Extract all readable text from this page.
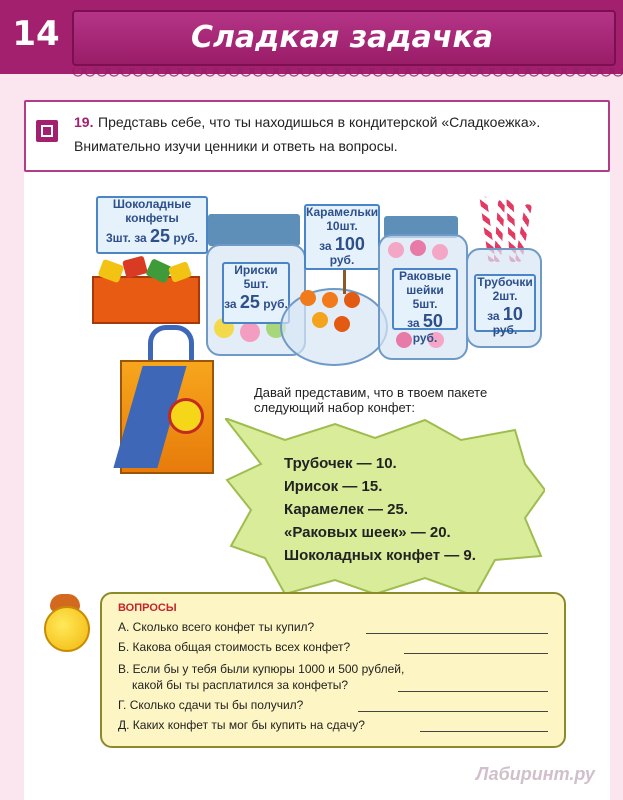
14	Сладкая задачка
19. Представь себе, что ты находишься в кондитерской «Сладкоежка».
Внимательно изучи ценники и ответь на вопросы.
Шоколадные
конфеты
3шт. за 25 руб.
Ириски
5шт.
за 25 руб.
Карамельки
10шт.
за 100 руб.
Раковые
шейки
5шт.
за 50 руб.
Трубочки
2шт.
за 10 руб.
Давай представим, что в твоем пакете
следующий набор конфет:
Трубочек — 10.
Ирисок — 15.
Карамелек — 25.
«Раковых шеек» — 20.
Шоколадных конфет — 9.
ВОПРОСЫ
А. Сколько всего конфет ты купил?
Б. Какова общая стоимость всех конфет?
В. Если бы у тебя были купюры 1000 и 500 рублей,
какой бы ты расплатился за конфеты?
Г. Сколько сдачи ты бы получил?
Д. Каких конфет ты мог бы купить на сдачу?
Лабиринт.ру
